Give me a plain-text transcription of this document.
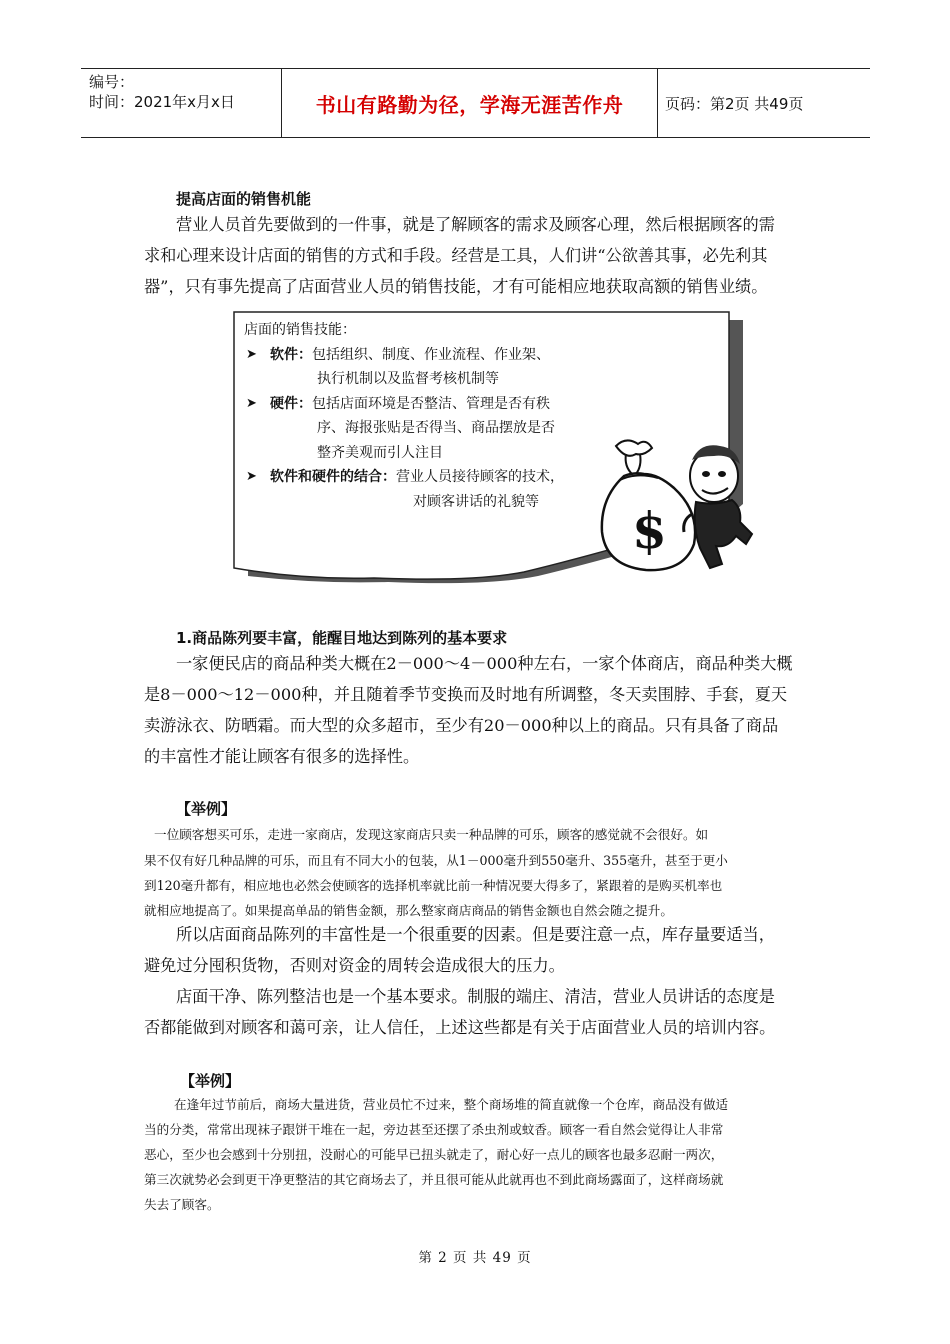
编号：
时间：2021年x月x日	书山有路勤为径，学海无涯苦作舟	页码：第2页 共49页
提高店面的销售机能

营业人员首先要做到的一件事，就是了解顾客的需求及顾客心理，然后根据顾客的需

求和心理来设计店面的销售的方式和手段。经营是工具，人们讲“公欲善其事，必先利其

器”，只有事先提高了店面营业人员的销售技能，才有可能相应地获取高额的销售业绩。

店面的销售技能：
➤ 软件：包括组织、制度、作业流程、作业架、
执行机制以及监督考核机制等
➤ 硬件：包括店面环境是否整洁、管理是否有秩
序、海报张贴是否得当、商品摆放是否
整齐美观而引人注目
➤ 软件和硬件的结合：营业人员接待顾客的技术，
对顾客讲话的礼貌等	$
1.商品陈列要丰富，能醒目地达到陈列的基本要求

一家便民店的商品种类大概在2－000～4－000种左右，一家个体商店，商品种类大概

是8－000～12－000种，并且随着季节变换而及时地有所调整，冬天卖围脖、手套，夏天

卖游泳衣、防晒霜。而大型的众多超市，至少有20－000种以上的商品。只有具备了商品

的丰富性才能让顾客有很多的选择性。

【举例】

一位顾客想买可乐，走进一家商店，发现这家商店只卖一种品牌的可乐，顾客的感觉就不会很好。如

果不仅有好几种品牌的可乐，而且有不同大小的包装，从1－000毫升到550毫升、355毫升，甚至于更小

到120毫升都有，相应地也必然会使顾客的选择机率就比前一种情况要大得多了，紧跟着的是购买机率也

就相应地提高了。如果提高单品的销售金额，那么整家商店商品的销售金额也自然会随之提升。

所以店面商品陈列的丰富性是一个很重要的因素。但是要注意一点，库存量要适当，

避免过分囤积货物，否则对资金的周转会造成很大的压力。

店面干净、陈列整洁也是一个基本要求。制服的端庄、清洁，营业人员讲话的态度是

否都能做到对顾客和蔼可亲，让人信任，上述这些都是有关于店面营业人员的培训内容。

【举例】

在逢年过节前后，商场大量进货，营业员忙不过来，整个商场堆的简直就像一个仓库，商品没有做适

当的分类，常常出现袜子跟饼干堆在一起，旁边甚至还摆了杀虫剂或蚊香。顾客一看自然会觉得让人非常

恶心，至少也会感到十分别扭，没耐心的可能早已扭头就走了，耐心好一点儿的顾客也最多忍耐一两次，

第三次就势必会到更干净更整洁的其它商场去了，并且很可能从此就再也不到此商场露面了，这样商场就

失去了顾客。

第 2 页 共 49 页
